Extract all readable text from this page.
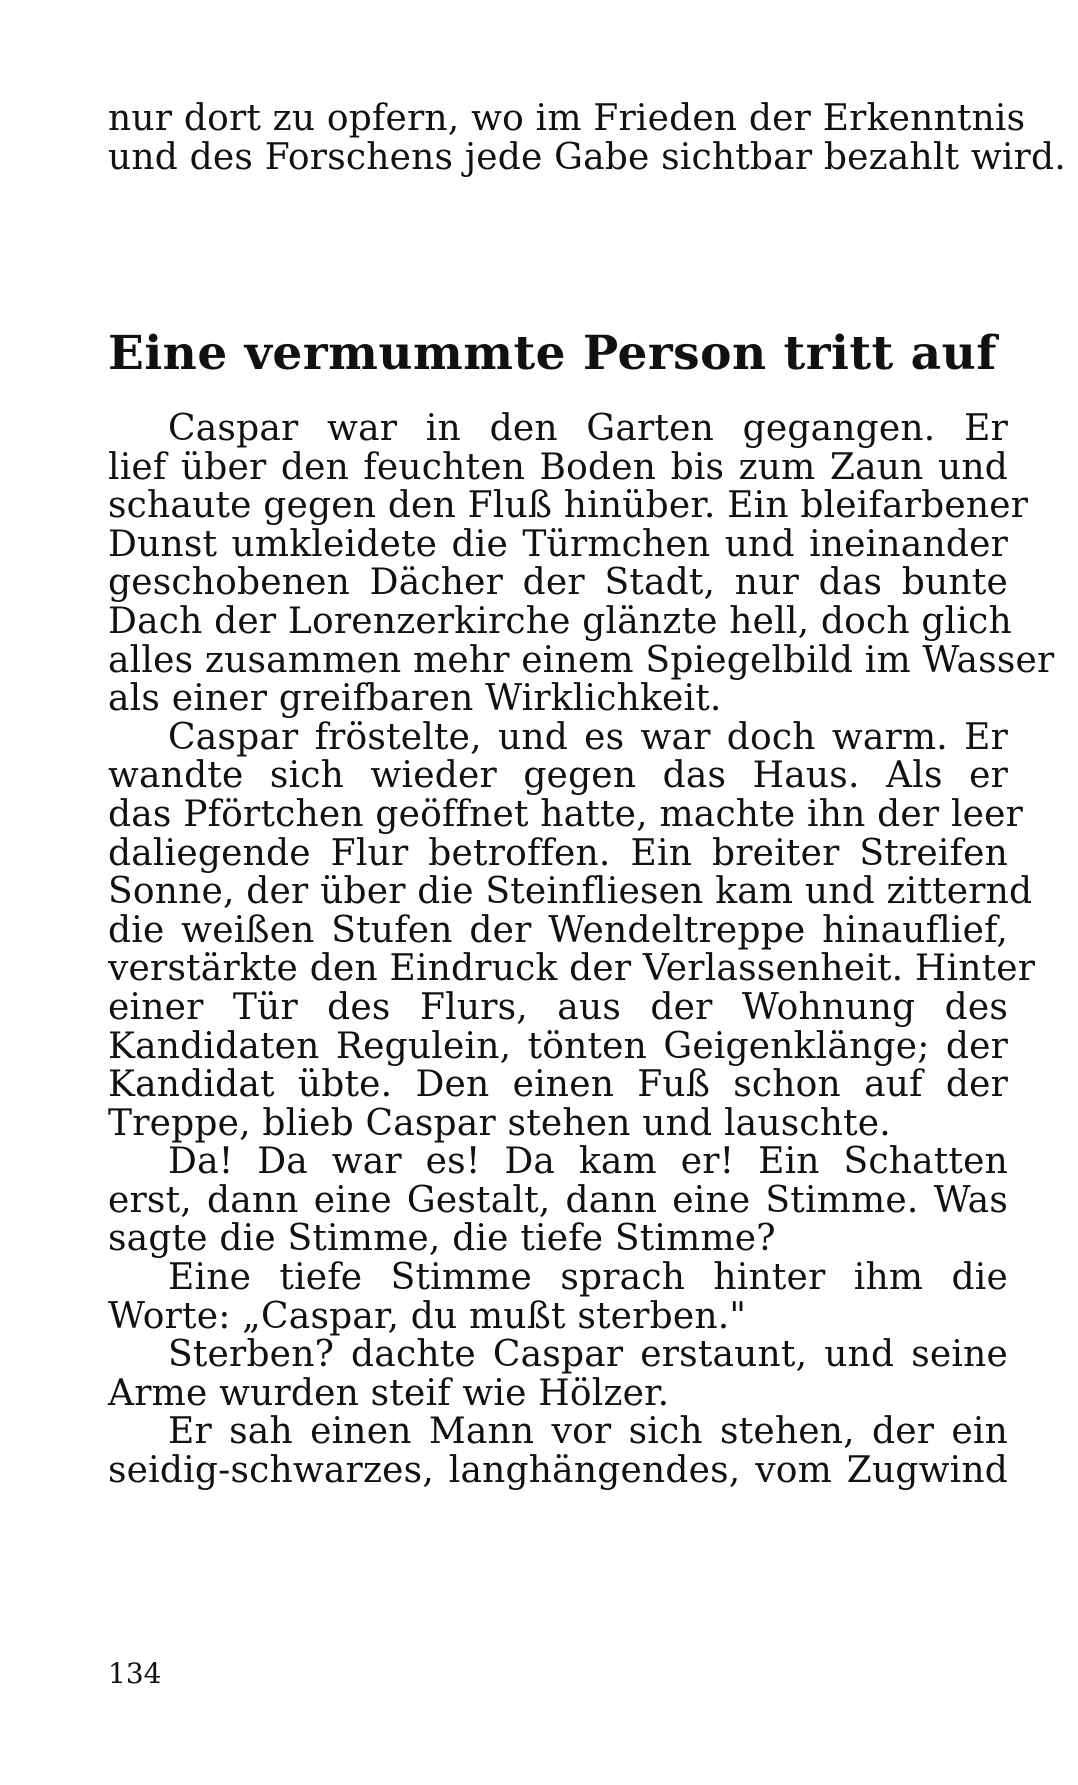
nur dort zu opfern, wo im Frieden der Erkenntnis
und des Forschens jede Gabe sichtbar bezahlt wird.
Eine vermummte Person tritt auf
Caspar war in den Garten gegangen. Er
lief über den feuchten Boden bis zum Zaun und
schaute gegen den Fluß hinüber. Ein bleifarbener
Dunst umkleidete die Türmchen und ineinander
geschobenen Dächer der Stadt, nur das bunte
Dach der Lorenzerkirche glänzte hell, doch glich
alles zusammen mehr einem Spiegelbild im Wasser
als einer greifbaren Wirklichkeit.
Caspar fröstelte, und es war doch warm. Er
wandte sich wieder gegen das Haus. Als er
das Pförtchen geöffnet hatte, machte ihn der leer
daliegende Flur betroffen. Ein breiter Streifen
Sonne, der über die Steinfliesen kam und zitternd
die weißen Stufen der Wendeltreppe hinauflief,
verstärkte den Eindruck der Verlassenheit. Hinter
einer Tür des Flurs, aus der Wohnung des
Kandidaten Regulein, tönten Geigenklänge; der
Kandidat übte. Den einen Fuß schon auf der
Treppe, blieb Caspar stehen und lauschte.
Da! Da war es! Da kam er! Ein Schatten
erst, dann eine Gestalt, dann eine Stimme. Was
sagte die Stimme, die tiefe Stimme?
Eine tiefe Stimme sprach hinter ihm die
Worte: „Caspar, du mußt sterben."
Sterben? dachte Caspar erstaunt, und seine
Arme wurden steif wie Hölzer.
Er sah einen Mann vor sich stehen, der ein
seidig-schwarzes, langhängendes, vom Zugwind
134
